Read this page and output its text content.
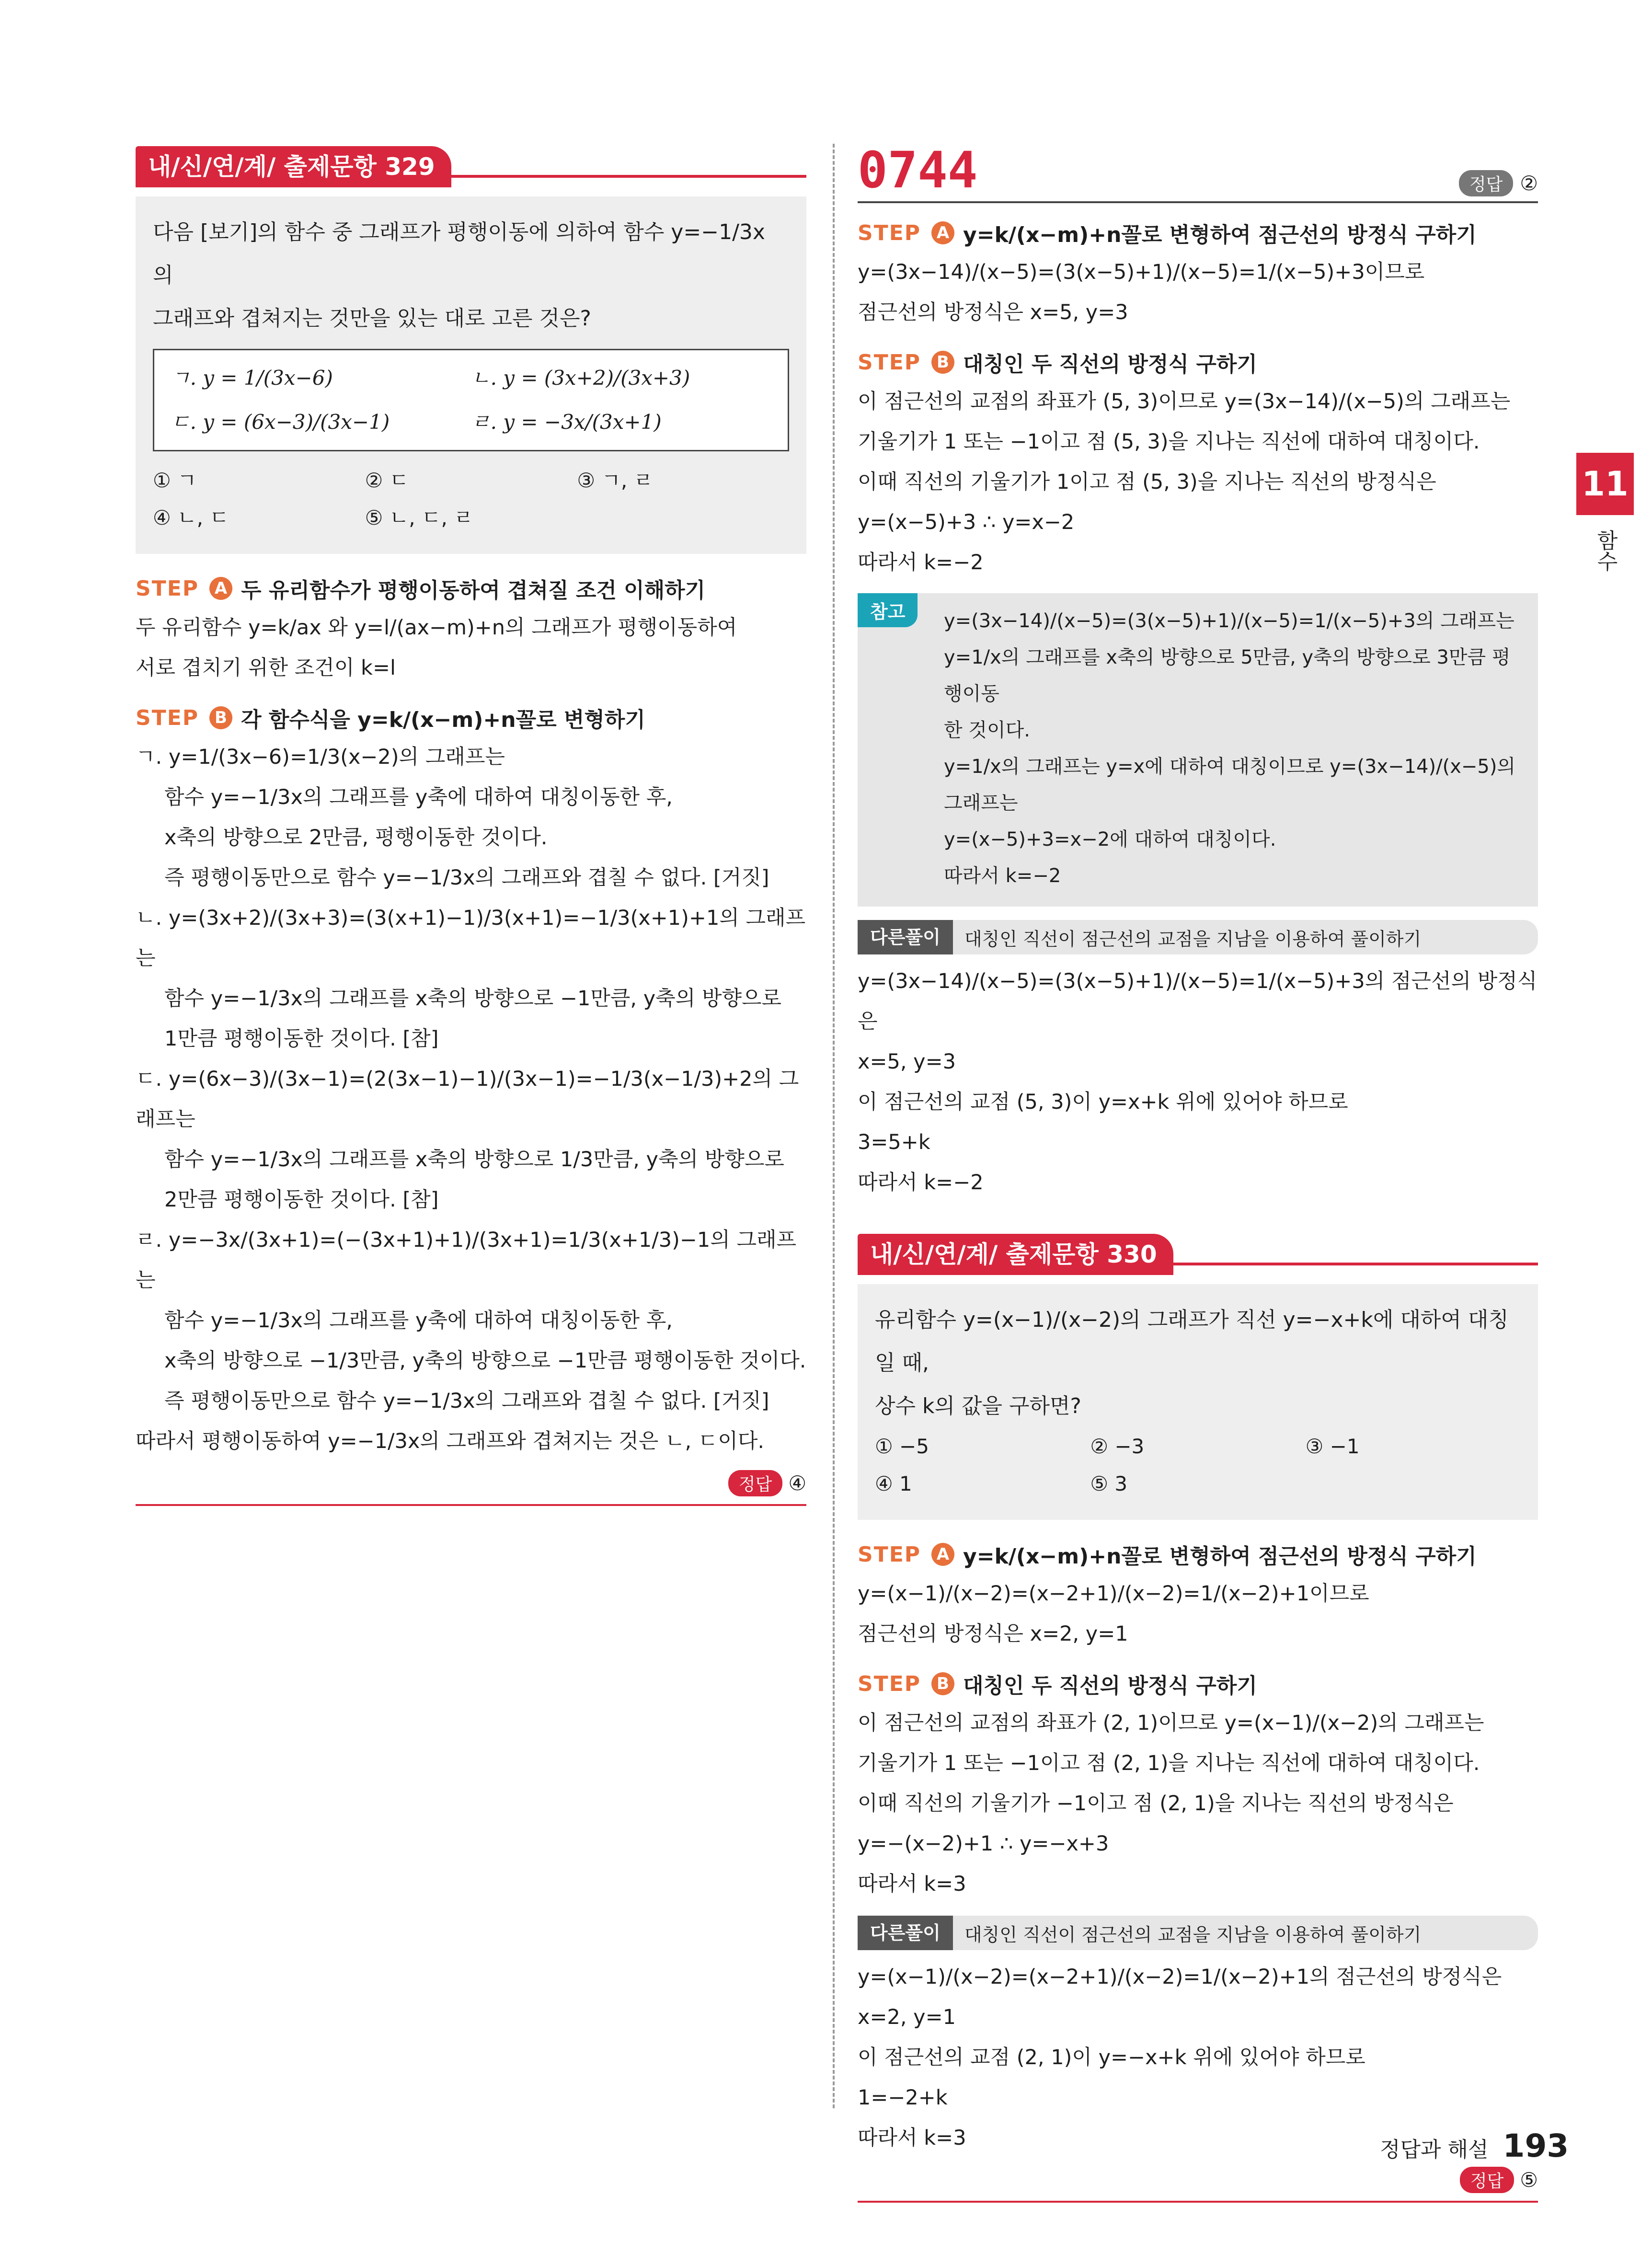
내/신/연/계/ 출제문항 329
다음 [보기]의 함수 중 그래프가 평행이동에 의하여 함수 y=−1/3x 의
그래프와 겹쳐지는 것만을 있는 대로 고른 것은?
ㄱ. y = 1/(3x−6)	ㄴ. y = (3x+2)/(3x+3)
ㄷ. y = (6x−3)/(3x−1)	ㄹ. y = −3x/(3x+1)
① ㄱ	② ㄷ	③ ㄱ, ㄹ
④ ㄴ, ㄷ	⑤ ㄴ, ㄷ, ㄹ
STEP A 두 유리함수가 평행이동하여 겹쳐질 조건 이해하기
두 유리함수 y=k/ax 와 y=l/(ax−m)+n의 그래프가 평행이동하여
서로 겹치기 위한 조건이 k=l
STEP B 각 함수식을 y=k/(x−m)+n꼴로 변형하기
ㄱ. y=1/(3x−6)=1/3(x−2)의 그래프는
함수 y=−1/3x의 그래프를 y축에 대하여 대칭이동한 후,
x축의 방향으로 2만큼, 평행이동한 것이다.
즉 평행이동만으로 함수 y=−1/3x의 그래프와 겹칠 수 없다. [거짓]
ㄴ. y=(3x+2)/(3x+3)=(3(x+1)−1)/3(x+1)=−1/3(x+1)+1의 그래프는
함수 y=−1/3x의 그래프를 x축의 방향으로 −1만큼, y축의 방향으로
1만큼 평행이동한 것이다. [참]
ㄷ. y=(6x−3)/(3x−1)=(2(3x−1)−1)/(3x−1)=−1/3(x−1/3)+2의 그래프는
함수 y=−1/3x의 그래프를 x축의 방향으로 1/3만큼, y축의 방향으로
2만큼 평행이동한 것이다. [참]
ㄹ. y=−3x/(3x+1)=(−(3x+1)+1)/(3x+1)=1/3(x+1/3)−1의 그래프는
함수 y=−1/3x의 그래프를 y축에 대하여 대칭이동한 후,
x축의 방향으로 −1/3만큼, y축의 방향으로 −1만큼 평행이동한 것이다.
즉 평행이동만으로 함수 y=−1/3x의 그래프와 겹칠 수 없다. [거짓]
따라서 평행이동하여 y=−1/3x의 그래프와 겹쳐지는 것은 ㄴ, ㄷ이다.
정답 ④
0744	정답 ②
STEP A y=k/(x−m)+n꼴로 변형하여 점근선의 방정식 구하기
y=(3x−14)/(x−5)=(3(x−5)+1)/(x−5)=1/(x−5)+3이므로
점근선의 방정식은 x=5, y=3
STEP B 대칭인 두 직선의 방정식 구하기
이 점근선의 교점의 좌표가 (5, 3)이므로 y=(3x−14)/(x−5)의 그래프는
기울기가 1 또는 −1이고 점 (5, 3)을 지나는 직선에 대하여 대칭이다.
이때 직선의 기울기가 1이고 점 (5, 3)을 지나는 직선의 방정식은
y=(x−5)+3 ∴ y=x−2
따라서 k=−2
참고	y=(3x−14)/(x−5)=(3(x−5)+1)/(x−5)=1/(x−5)+3의 그래프는
y=1/x의 그래프를 x축의 방향으로 5만큼, y축의 방향으로 3만큼 평행이동
한 것이다.
y=1/x의 그래프는 y=x에 대하여 대칭이므로 y=(3x−14)/(x−5)의 그래프는
y=(x−5)+3=x−2에 대하여 대칭이다.
따라서 k=−2
다른풀이	대칭인 직선이 점근선의 교점을 지남을 이용하여 풀이하기
y=(3x−14)/(x−5)=(3(x−5)+1)/(x−5)=1/(x−5)+3의 점근선의 방정식은
x=5, y=3
이 점근선의 교점 (5, 3)이 y=x+k 위에 있어야 하므로
3=5+k
따라서 k=−2
내/신/연/계/ 출제문항 330
유리함수 y=(x−1)/(x−2)의 그래프가 직선 y=−x+k에 대하여 대칭일 때,
상수 k의 값을 구하면?
① −5	② −3	③ −1
④ 1	⑤ 3
STEP A y=k/(x−m)+n꼴로 변형하여 점근선의 방정식 구하기
y=(x−1)/(x−2)=(x−2+1)/(x−2)=1/(x−2)+1이므로
점근선의 방정식은 x=2, y=1
STEP B 대칭인 두 직선의 방정식 구하기
이 점근선의 교점의 좌표가 (2, 1)이므로 y=(x−1)/(x−2)의 그래프는
기울기가 1 또는 −1이고 점 (2, 1)을 지나는 직선에 대하여 대칭이다.
이때 직선의 기울기가 −1이고 점 (2, 1)을 지나는 직선의 방정식은
y=−(x−2)+1 ∴ y=−x+3
따라서 k=3
다른풀이	대칭인 직선이 점근선의 교점을 지남을 이용하여 풀이하기
y=(x−1)/(x−2)=(x−2+1)/(x−2)=1/(x−2)+1의 점근선의 방정식은
x=2, y=1
이 점근선의 교점 (2, 1)이 y=−x+k 위에 있어야 하므로
1=−2+k
따라서 k=3
정답 ⑤
11
함수
정답과 해설 193
